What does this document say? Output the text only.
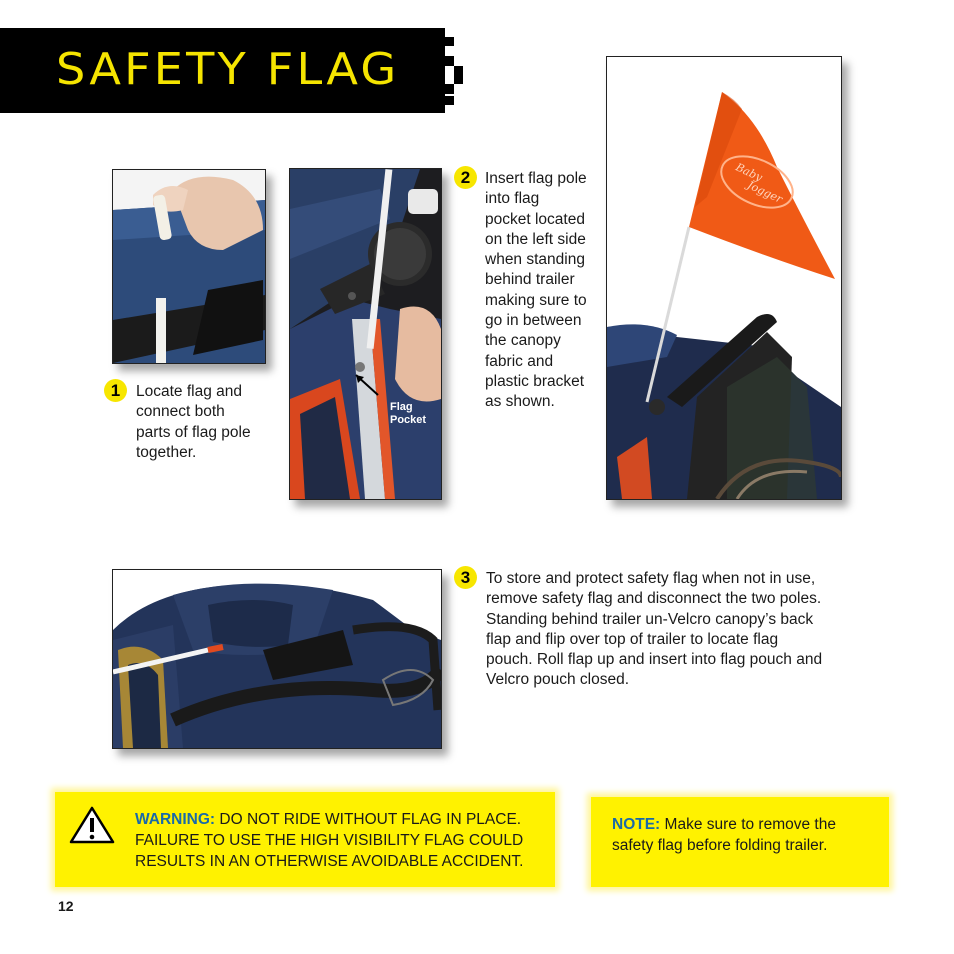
SAFETY FLAG
1	Locate flag and connect both parts of flag pole together.
Flag
Pocket
2 Insert flag pole into flag pocket located on the left side when standing behind trailer making sure to go in between the canopy fabric and plastic bracket as shown.
Baby
Jogger
3	To store and protect safety flag when not in use, remove safety flag and disconnect the two poles. Standing behind trailer un-Velcro canopy’s back flap and flip over top of trailer to locate flag pouch. Roll flap up and insert into flag pouch and Velcro pouch closed.
WARNING: DO NOT RIDE WITHOUT FLAG IN PLACE. FAILURE TO USE THE HIGH VISIBILITY FLAG COULD RESULTS IN AN OTHERWISE AVOIDABLE ACCIDENT.
NOTE: Make sure to remove the safety flag before folding trailer.
12
